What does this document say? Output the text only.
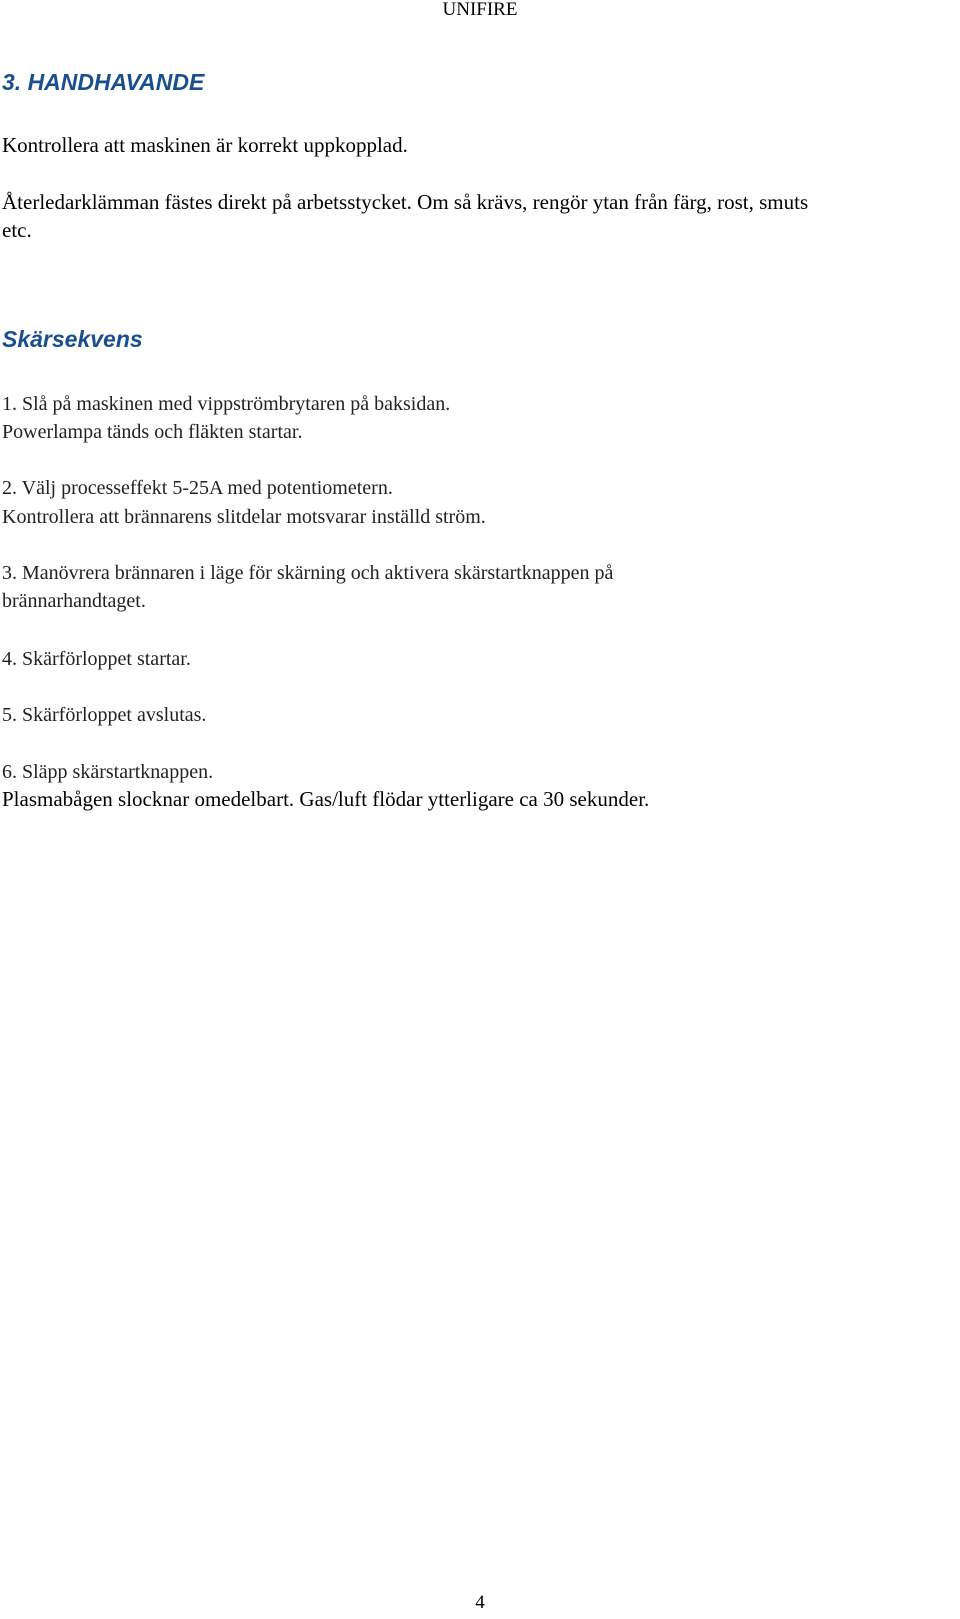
UNIFIRE
3. HANDHAVANDE
Kontrollera att maskinen är korrekt uppkopplad.
Återledarklämman fästes direkt på arbetsstycket. Om så krävs, rengör ytan från färg, rost, smuts
etc.
Skärsekvens
1. Slå på maskinen med vippströmbrytaren på baksidan.
Powerlampa tänds och fläkten startar.
2. Välj processeffekt 5-25A med potentiometern.
Kontrollera att brännarens slitdelar motsvarar inställd ström.
3. Manövrera brännaren i läge för skärning och aktivera skärstartknappen på
brännarhandtaget.
4. Skärförloppet startar.
5. Skärförloppet avslutas.
6. Släpp skärstartknappen.
Plasmabågen slocknar omedelbart. Gas/luft flödar ytterligare ca 30 sekunder.
4
